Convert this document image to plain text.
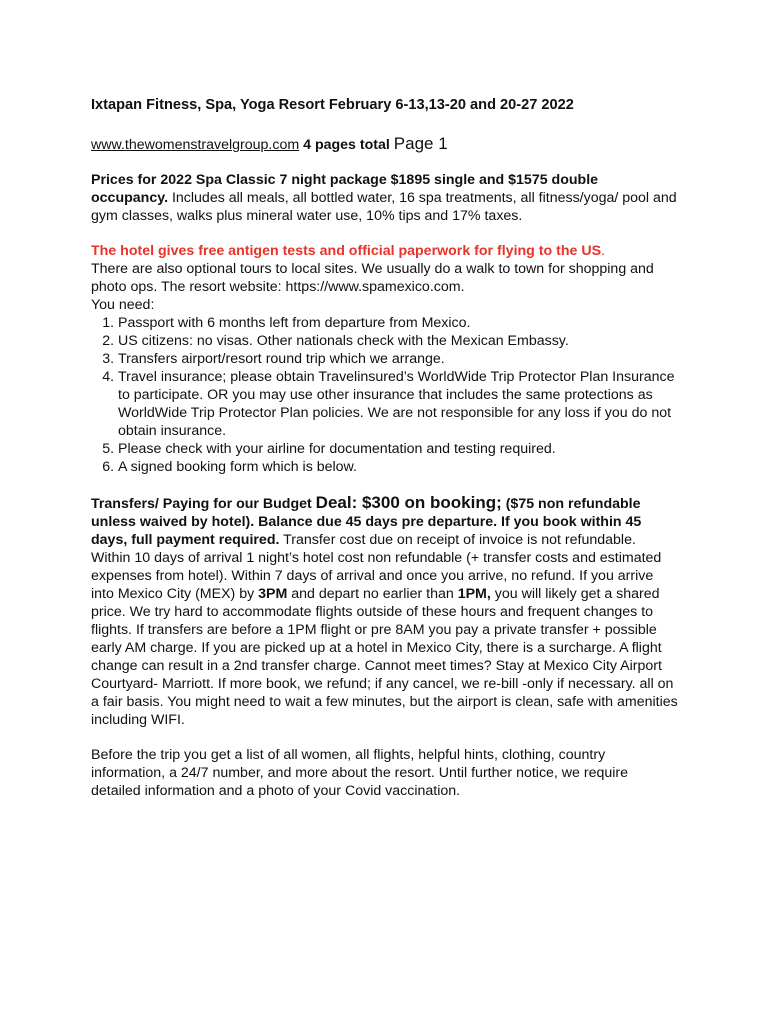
Ixtapan Fitness, Spa, Yoga Resort February 6-13,13-20 and 20-27 2022

www.thewomenstravelgroup.com 4 pages total Page 1

Prices for 2022 Spa Classic 7 night package $1895 single and $1575 double occupancy. Includes all meals, all bottled water, 16 spa treatments, all fitness/yoga/ pool and gym classes, walks plus mineral water use, 10% tips and 17% taxes.

The hotel gives free antigen tests and official paperwork for flying to the US.

There are also optional tours to local sites. We usually do a walk to town for shopping and photo ops. The resort website: https://www.spamexico.com.

You need:

1. Passport with 6 months left from departure from Mexico.
2. US citizens: no visas. Other nationals check with the Mexican Embassy.
3. Transfers airport/resort round trip which we arrange.
4. Travel insurance; please obtain Travelinsured’s WorldWide Trip Protector Plan Insurance to participate. OR you may use other insurance that includes the same protections as WorldWide Trip Protector Plan policies. We are not responsible for any loss if you do not obtain insurance.
5. Please check with your airline for documentation and testing required.
6. A signed booking form which is below.

Transfers/ Paying for our Budget Deal: $300 on booking; ($75 non refundable unless waived by hotel). Balance due 45 days pre departure. If you book within 45 days, full payment required. Transfer cost due on receipt of invoice is not refundable. Within 10 days of arrival 1 night’s hotel cost non refundable (+ transfer costs and estimated expenses from hotel). Within 7 days of arrival and once you arrive, no refund. If you arrive into Mexico City (MEX) by 3PM and depart no earlier than 1PM, you will likely get a shared price. We try hard to accommodate flights outside of these hours and frequent changes to flights. If transfers are before a 1PM flight or pre 8AM you pay a private transfer + possible early AM charge. If you are picked up at a hotel in Mexico City, there is a surcharge. A flight change can result in a 2nd transfer charge. Cannot meet times? Stay at Mexico City Airport Courtyard- Marriott. If more book, we refund; if any cancel, we re-bill -only if necessary. all on a fair basis. You might need to wait a few minutes, but the airport is clean, safe with amenities including WIFI.

Before the trip you get a list of all women, all flights, helpful hints, clothing, country information, a 24/7 number, and more about the resort. Until further notice, we require detailed information and a photo of your Covid vaccination.
